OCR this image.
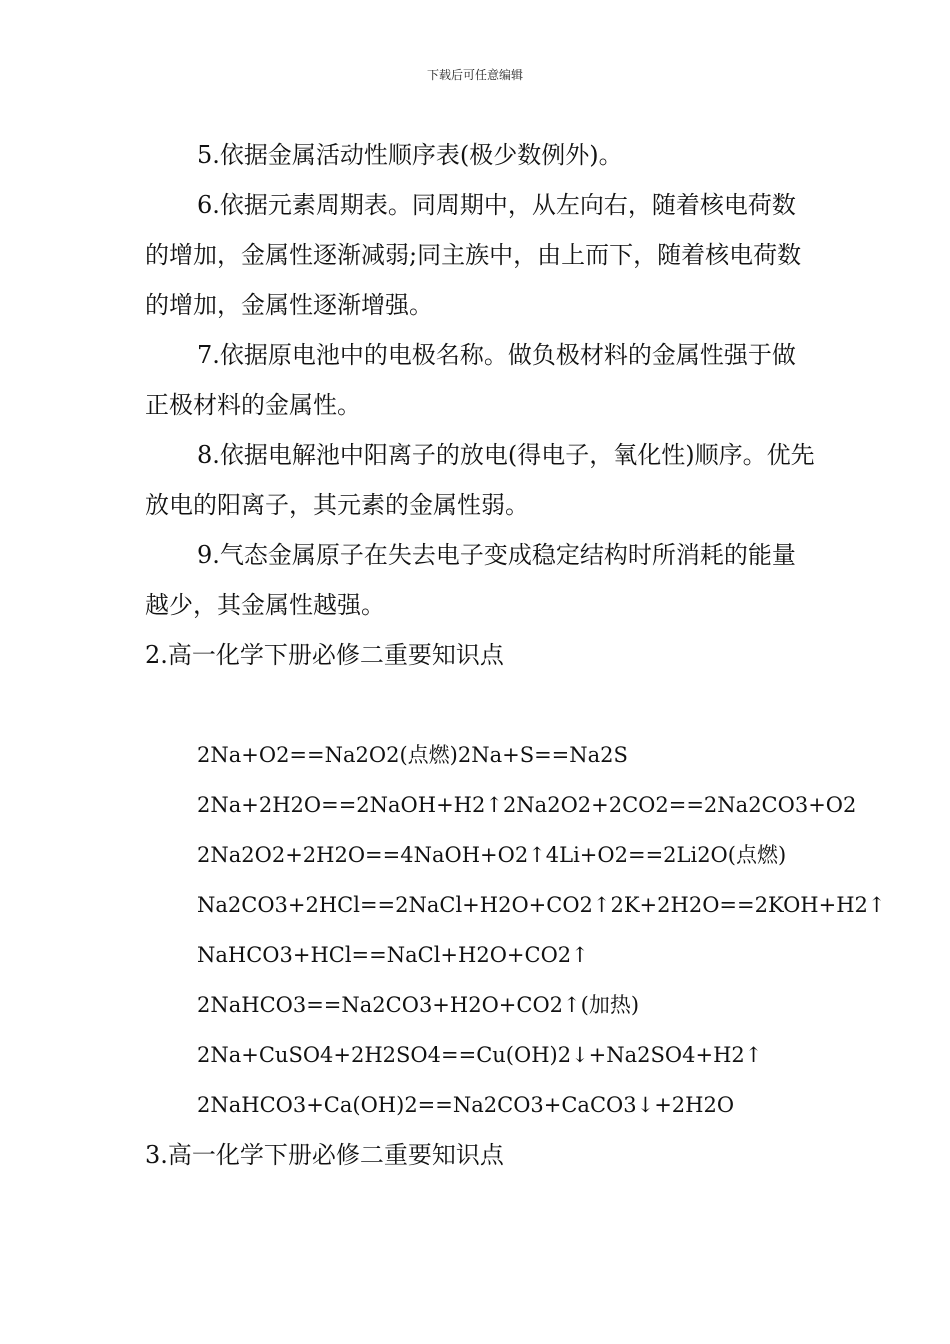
下载后可任意编辑

5.依据金属活动性顺序表(极少数例外)。

6.依据元素周期表。同周期中，从左向右，随着核电荷数的增加，金属性逐渐减弱;同主族中，由上而下，随着核电荷数的增加，金属性逐渐增强。

7.依据原电池中的电极名称。做负极材料的金属性强于做正极材料的金属性。

8.依据电解池中阳离子的放电(得电子，氧化性)顺序。优先放电的阳离子，其元素的金属性弱。

9.气态金属原子在失去电子变成稳定结构时所消耗的能量越少，其金属性越强。

2.高一化学下册必修二重要知识点

2Na+O2==Na2O2(点燃)2Na+S==Na2S

2Na+2H2O==2NaOH+H2↑2Na2O2+2CO2==2Na2CO3+O2

2Na2O2+2H2O==4NaOH+O2↑4Li+O2==2Li2O(点燃)

Na2CO3+2HCl==2NaCl+H2O+CO2↑2K+2H2O==2KOH+H2↑

NaHCO3+HCl==NaCl+H2O+CO2↑

2NaHCO3==Na2CO3+H2O+CO2↑(加热)

2Na+CuSO4+2H2SO4==Cu(OH)2↓+Na2SO4+H2↑

2NaHCO3+Ca(OH)2==Na2CO3+CaCO3↓+2H2O

3.高一化学下册必修二重要知识点
